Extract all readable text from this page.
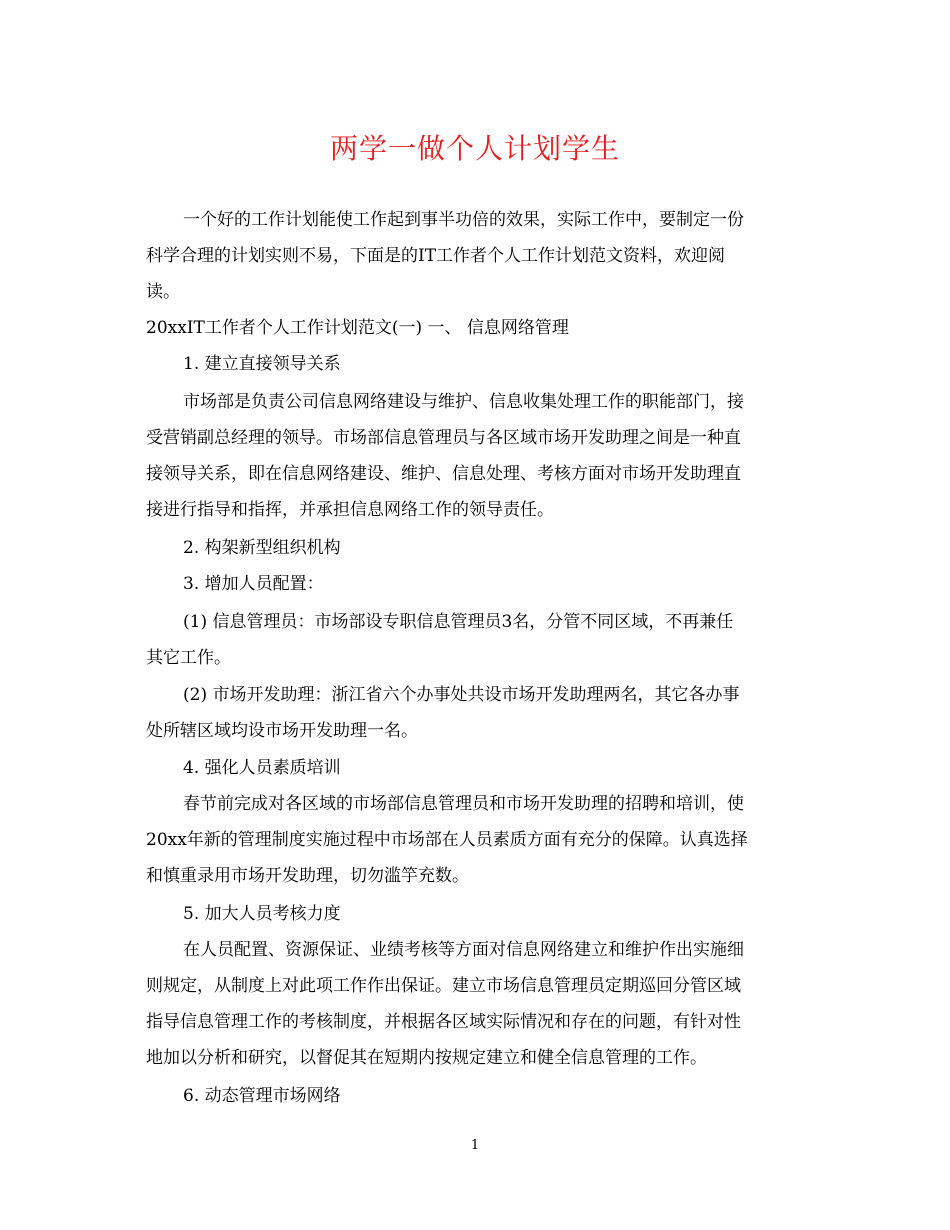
两学一做个人计划学生
一个好的工作计划能使工作起到事半功倍的效果，实际工作中，要制定一份
科学合理的计划实则不易，下面是的IT工作者个人工作计划范文资料，欢迎阅
读。
20xxIT工作者个人工作计划范文(一) 一、 信息网络管理
1. 建立直接领导关系
市场部是负责公司信息网络建设与维护、信息收集处理工作的职能部门，接
受营销副总经理的领导。市场部信息管理员与各区域市场开发助理之间是一种直
接领导关系，即在信息网络建设、维护、信息处理、考核方面对市场开发助理直
接进行指导和指挥，并承担信息网络工作的领导责任。
2. 构架新型组织机构
3. 增加人员配置：
(1) 信息管理员：市场部设专职信息管理员3名，分管不同区域，不再兼任
其它工作。
(2) 市场开发助理：浙江省六个办事处共设市场开发助理两名，其它各办事
处所辖区域均设市场开发助理一名。
4. 强化人员素质培训
春节前完成对各区域的市场部信息管理员和市场开发助理的招聘和培训，使
20xx年新的管理制度实施过程中市场部在人员素质方面有充分的保障。认真选择
和慎重录用市场开发助理，切勿滥竽充数。
5. 加大人员考核力度
在人员配置、资源保证、业绩考核等方面对信息网络建立和维护作出实施细
则规定，从制度上对此项工作作出保证。建立市场信息管理员定期巡回分管区域
指导信息管理工作的考核制度，并根据各区域实际情况和存在的问题，有针对性
地加以分析和研究，以督促其在短期内按规定建立和健全信息管理的工作。
6. 动态管理市场网络
1
